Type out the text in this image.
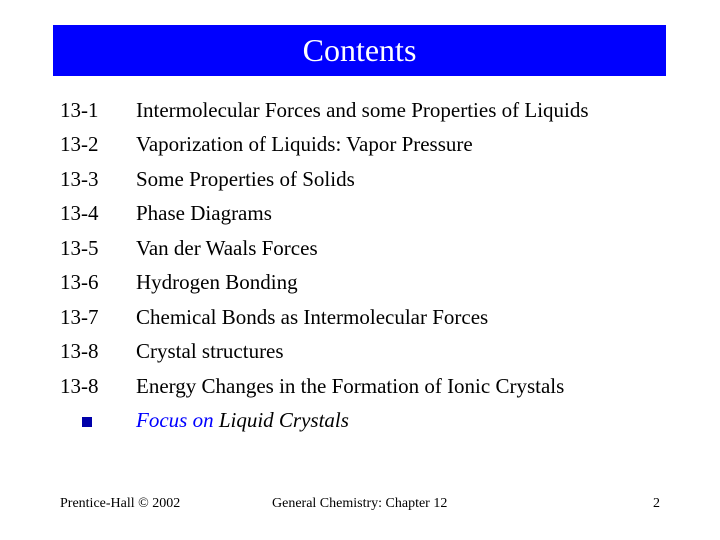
Contents
13-1	Intermolecular Forces and some Properties of Liquids
13-2	Vaporization of Liquids: Vapor Pressure
13-3	Some Properties of Solids
13-4	Phase Diagrams
13-5	Van der Waals Forces
13-6	Hydrogen Bonding
13-7	Chemical Bonds as Intermolecular Forces
13-8	Crystal structures
13-8	Energy Changes in the Formation of Ionic Crystals
Focus on Liquid Crystals
Prentice-Hall © 2002	General Chemistry: Chapter 12	2
